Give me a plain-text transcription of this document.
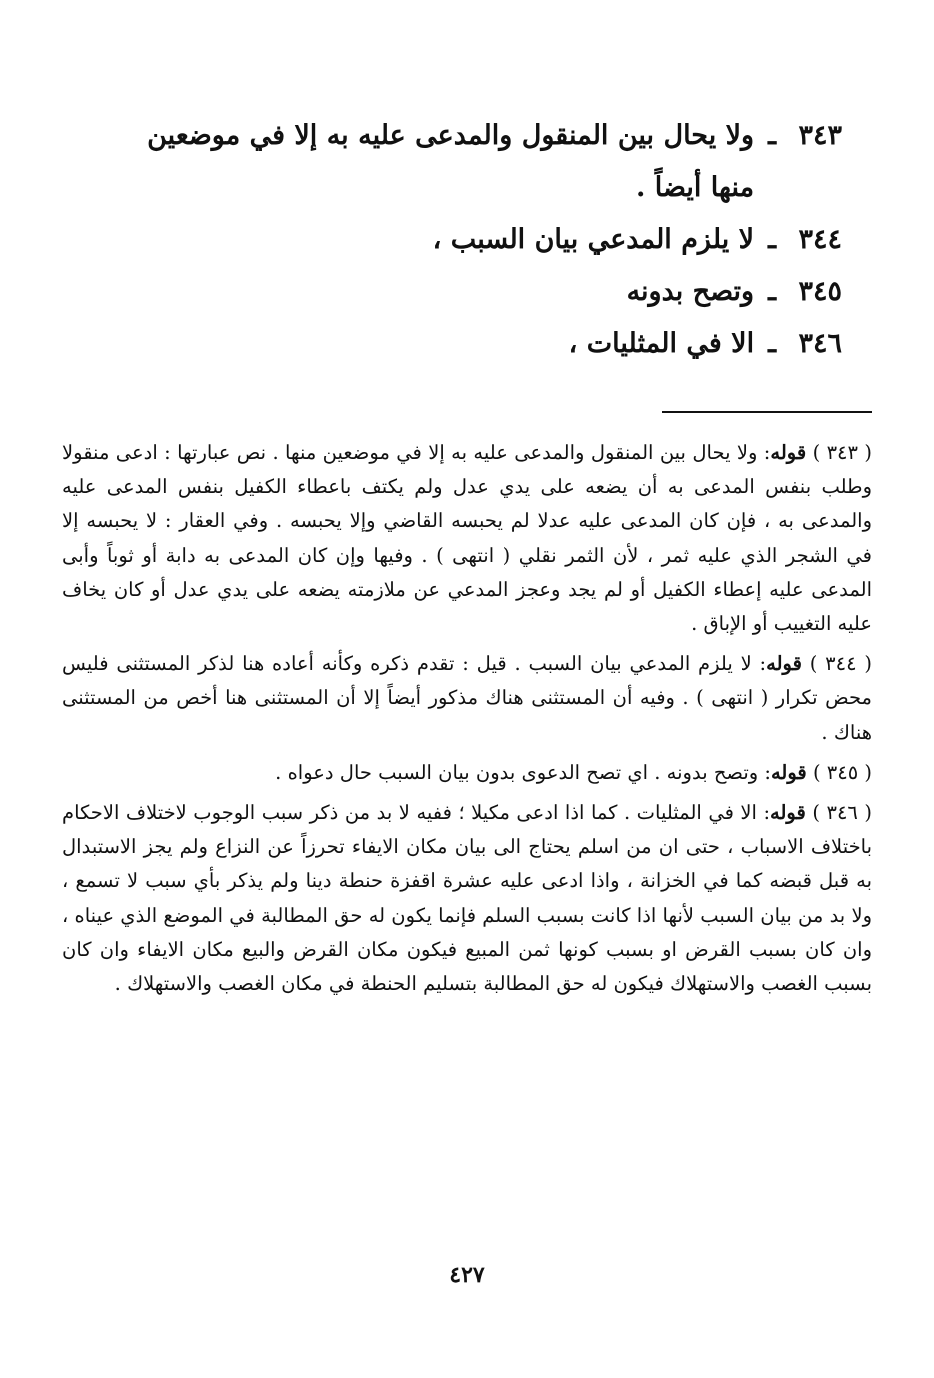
٣٤٣
ـ
ولا يحال بين المنقول والمدعى عليه به إلا في موضعين منها أيضاً .
٣٤٤
ـ
لا يلزم المدعي بيان السبب ،
٣٤٥
ـ
وتصح بدونه
٣٤٦
ـ
الا في المثليات ،

( ٣٤٣ ) قوله: ولا يحال بين المنقول والمدعى عليه به إلا في موضعين منها . نص عبارتها : ادعى منقولا وطلب بنفس المدعى به أن يضعه على يدي عدل ولم يكتف باعطاء الكفيل بنفس المدعى عليه والمدعى به ، فإن كان المدعى عليه عدلا لم يحبسه القاضي وإلا يحبسه . وفي العقار : لا يحبسه إلا في الشجر الذي عليه ثمر ، لأن الثمر نقلي ( انتهى ) . وفيها وإن كان المدعى به دابة أو ثوباً وأبى المدعى عليه إعطاء الكفيل أو لم يجد وعجز المدعي عن ملازمته يضعه على يدي عدل أو كان يخاف عليه التغييب أو الإباق .

( ٣٤٤ ) قوله: لا يلزم المدعي بيان السبب . قيل : تقدم ذكره وكأنه أعاده هنا لذكر المستثنى فليس محض تكرار ( انتهى ) . وفيه أن المستثنى هناك مذكور أيضاً إلا أن المستثنى هنا أخص من المستثنى هناك .

( ٣٤٥ ) قوله: وتصح بدونه . اي تصح الدعوى بدون بيان السبب حال دعواه .

( ٣٤٦ ) قوله: الا في المثليات . كما اذا ادعى مكيلا ؛ ففيه لا بد من ذكر سبب الوجوب لاختلاف الاحكام باختلاف الاسباب ، حتى ان من اسلم يحتاج الى بيان مكان الايفاء تحرزاً عن النزاع ولم يجز الاستبدال به قبل قبضه كما في الخزانة ، واذا ادعى عليه عشرة اقفزة حنطة دينا ولم يذكر بأي سبب لا تسمع ، ولا بد من بيان السبب لأنها اذا كانت بسبب السلم فإنما يكون له حق المطالبة في الموضع الذي عيناه ، وان كان بسبب القرض او بسبب كونها ثمن المبيع فيكون مكان القرض والبيع مكان الايفاء وان كان بسبب الغصب والاستهلاك فيكون له حق المطالبة بتسليم الحنطة في مكان الغصب والاستهلاك .

٤٢٧
